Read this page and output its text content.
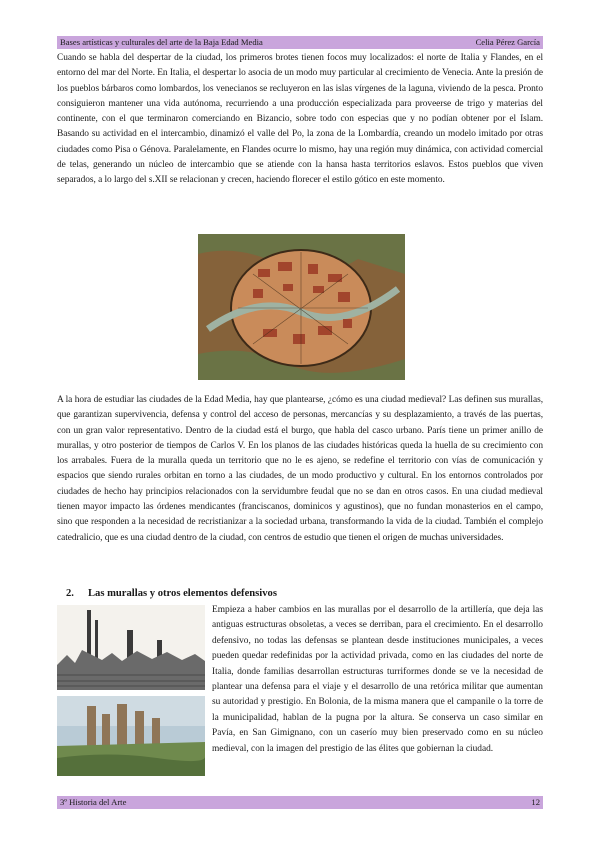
Bases artísticas y culturales del arte de la Baja Edad Media	Celia Pérez García

Cuando se habla del despertar de la ciudad, los primeros brotes tienen focos muy localizados: el norte de Italia y Flandes, en el entorno del mar del Norte. En Italia, el despertar lo asocia de un modo muy particular al crecimiento de Venecia. Ante la presión de los pueblos bárbaros como lombardos, los venecianos se recluyeron en las islas vírgenes de la laguna, viviendo de la pesca. Pronto consiguieron mantener una vida autónoma, recurriendo a una producción especializada para proveerse de trigo y materias del continente, con el que terminaron comerciando en Bizancio, sobre todo con especias que y no podían obtener por el Islam. Basando su actividad en el intercambio, dinamizó el valle del Po, la zona de la Lombardía, creando un modelo imitado por otras ciudades como Pisa o Génova. Paralelamente, en Flandes ocurre lo mismo, hay una región muy dinámica, con actividad comercial de telas, generando un núcleo de intercambio que se atiende con la hansa hasta territorios eslavos. Estos pueblos que viven separados, a lo largo del s.XII se relacionan y crecen, haciendo florecer el estilo gótico en este momento.

A la hora de estudiar las ciudades de la Edad Media, hay que plantearse, ¿cómo es una ciudad medieval? Las definen sus murallas, que garantizan supervivencia, defensa y control del acceso de personas, mercancías y su desplazamiento, a través de las puertas, con un gran valor representativo. Dentro de la ciudad está el burgo, que habla del casco urbano. París tiene un primer anillo de murallas, y otro posterior de tiempos de Carlos V. En los planos de las ciudades históricas queda la huella de su crecimiento con los arrabales. Fuera de la muralla queda un territorio que no le es ajeno, se redefine el territorio con vías de comunicación y espacios que siendo rurales orbitan en torno a las ciudades, de un modo productivo y cultural. En los entornos controlados por ciudades de hecho hay principios relacionados con la servidumbre feudal que no se dan en otros casos. En una ciudad medieval tienen mayor impacto las órdenes mendicantes (franciscanos, dominicos y agustinos), que no fundan monasterios en el campo, sino que responden a la necesidad de recristianizar a la sociedad urbana, transformando la vida de la ciudad. También el complejo catedralicio, que es una ciudad dentro de la ciudad, con centros de estudio que tienen el origen de muchas universidades.

2. Las murallas y otros elementos defensivos

Empieza a haber cambios en las murallas por el desarrollo de la artillería, que deja las antiguas estructuras obsoletas, a veces se derriban, para el crecimiento. En el desarrollo defensivo, no todas las defensas se plantean desde instituciones municipales, a veces pueden quedar redefinidas por la actividad privada, como en las ciudades del norte de Italia, donde familias desarrollan estructuras turriformes donde se ve la necesidad de plantear una defensa para el viaje y el desarrollo de una retórica militar que aumentan su autoridad y prestigio. En Bolonia, de la misma manera que el campanile o la torre de la municipalidad, hablan de la pugna por la altura. Se conserva un caso similar en Pavía, en San Gimignano, con un caserío muy bien preservado como en su núcleo medieval, con la imagen del prestigio de las élites que gobiernan la ciudad.

3º Historia del Arte	12
